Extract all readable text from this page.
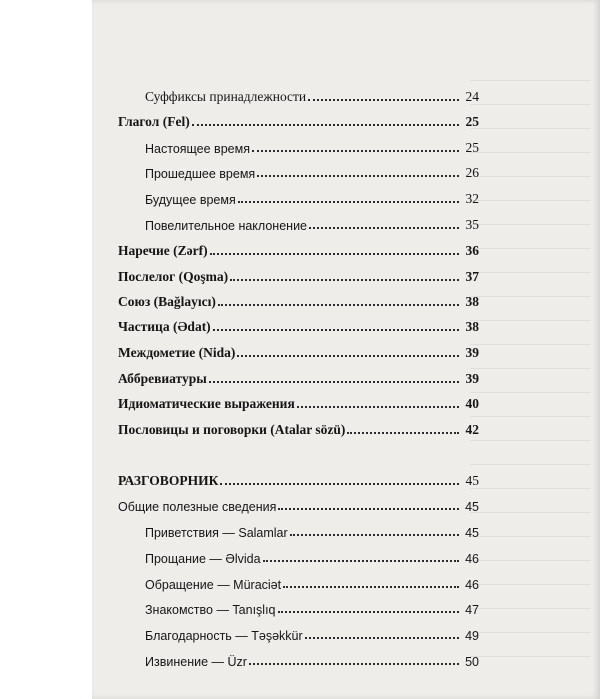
Суффиксы принадлежности	24
Глагол (Fel)	25
Настоящее время	25
Прошедшее время	26
Будущее время	32
Повелительное наклонение	35
Наречие (Zərf)	36
Послелог (Qoşma)	37
Союз (Bağlayıcı)	38
Частица (Ədat)	38
Междометие (Nida)	39
Аббревиатуры	39
Идиоматические выражения	40
Пословицы и поговорки (Atalar sözü)	42
РАЗГОВОРНИК	45
Общие полезные сведения	45
Приветствия — Salamlar	45
Прощание — Əlvida	46
Обращение — Müraciət	46
Знакомство — Tanışlıq	47
Благодарность — Təşəkkür	49
Извинение — Üzr	50
